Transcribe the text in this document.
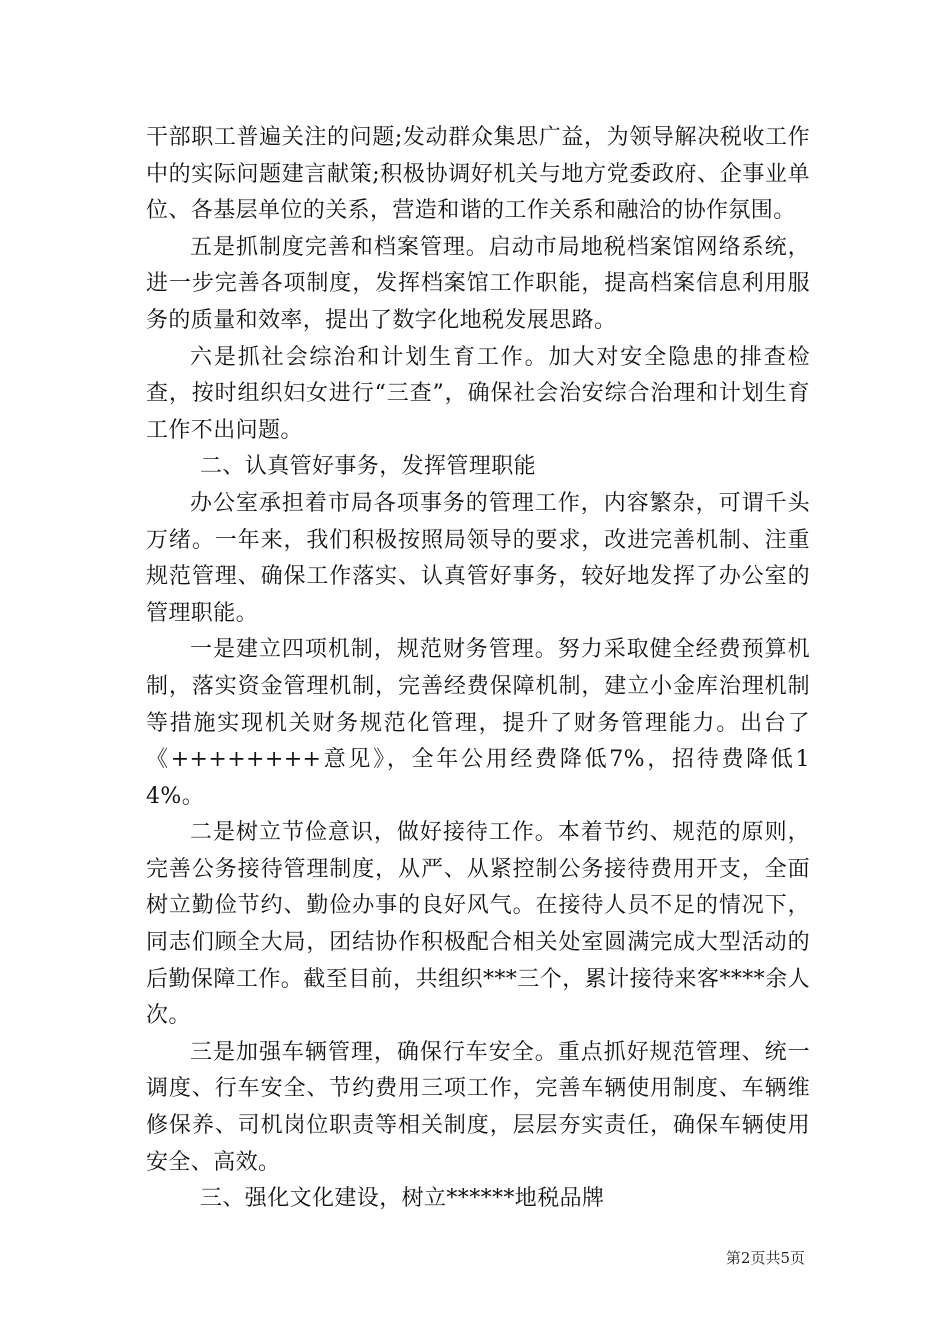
干部职工普遍关注的问题;发动群众集思广益，为领导解决税收工作中的实际问题建言献策;积极协调好机关与地方党委政府、企事业单位、各基层单位的关系，营造和谐的工作关系和融洽的协作氛围。

五是抓制度完善和档案管理。启动市局地税档案馆网络系统，进一步完善各项制度，发挥档案馆工作职能，提高档案信息利用服务的质量和效率，提出了数字化地税发展思路。

六是抓社会综治和计划生育工作。加大对安全隐患的排查检查，按时组织妇女进行“三查”，确保社会治安综合治理和计划生育工作不出问题。

二、认真管好事务，发挥管理职能

办公室承担着市局各项事务的管理工作，内容繁杂，可谓千头万绪。一年来，我们积极按照局领导的要求，改进完善机制、注重规范管理、确保工作落实、认真管好事务，较好地发挥了办公室的管理职能。

一是建立四项机制，规范财务管理。努力采取健全经费预算机制，落实资金管理机制，完善经费保障机制，建立小金库治理机制等措施实现机关财务规范化管理，提升了财务管理能力。出台了《++++++++意见》，全年公用经费降低7%，招待费降低14%。

二是树立节俭意识，做好接待工作。本着节约、规范的原则，完善公务接待管理制度，从严、从紧控制公务接待费用开支，全面树立勤俭节约、勤俭办事的良好风气。在接待人员不足的情况下，同志们顾全大局，团结协作积极配合相关处室圆满完成大型活动的后勤保障工作。截至目前，共组织***三个，累计接待来客****余人次。

三是加强车辆管理，确保行车安全。重点抓好规范管理、统一调度、行车安全、节约费用三项工作，完善车辆使用制度、车辆维修保养、司机岗位职责等相关制度，层层夯实责任，确保车辆使用安全、高效。

三、强化文化建设，树立******地税品牌

第2页共5页
